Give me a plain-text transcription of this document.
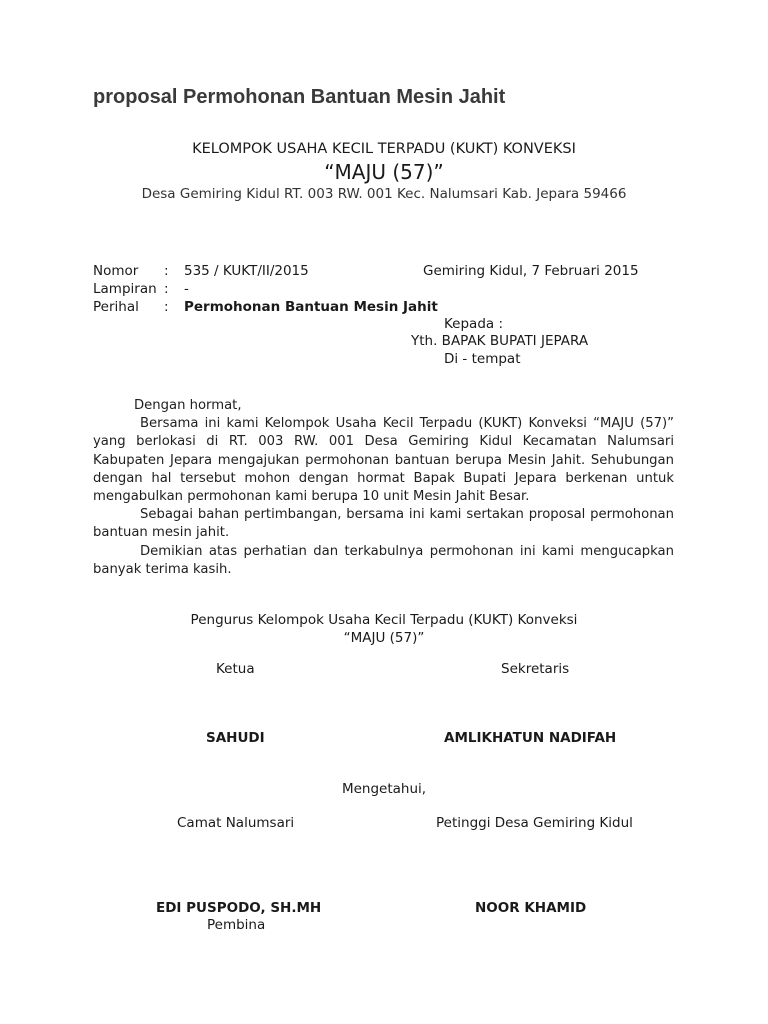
proposal Permohonan Bantuan Mesin Jahit
KELOMPOK USAHA KECIL TERPADU (KUKT) KONVEKSI
“MAJU (57)”
Desa Gemiring Kidul RT. 003 RW. 001 Kec. Nalumsari Kab. Jepara 59466
Nomor : 535 / KUKT/II/2015	Gemiring Kidul, 7 Februari 2015
Lampiran : -
Perihal : Permohonan Bantuan Mesin Jahit
Kepada :
Yth. BAPAK BUPATI JEPARA
Di - tempat

Dengan hormat,

Bersama ini kami Kelompok Usaha Kecil Terpadu (KUKT) Konveksi “MAJU (57)” yang berlokasi di RT. 003 RW. 001 Desa Gemiring Kidul Kecamatan Nalumsari Kabupaten Jepara mengajukan permohonan bantuan berupa Mesin Jahit. Sehubungan dengan hal tersebut mohon dengan hormat Bapak Bupati Jepara berkenan untuk mengabulkan permohonan kami berupa 10 unit Mesin Jahit Besar.

Sebagai bahan pertimbangan, bersama ini kami sertakan proposal permohonan bantuan mesin jahit.

Demikian atas perhatian dan terkabulnya permohonan ini kami mengucapkan banyak terima kasih.

Pengurus Kelompok Usaha Kecil Terpadu (KUKT) Konveksi
“MAJU (57)”
Ketua	Sekretaris
SAHUDI	AMLIKHATUN NADIFAH
Mengetahui,
Camat Nalumsari	Petinggi Desa Gemiring Kidul
EDI PUSPODO, SH.MH	NOOR KHAMID
Pembina
